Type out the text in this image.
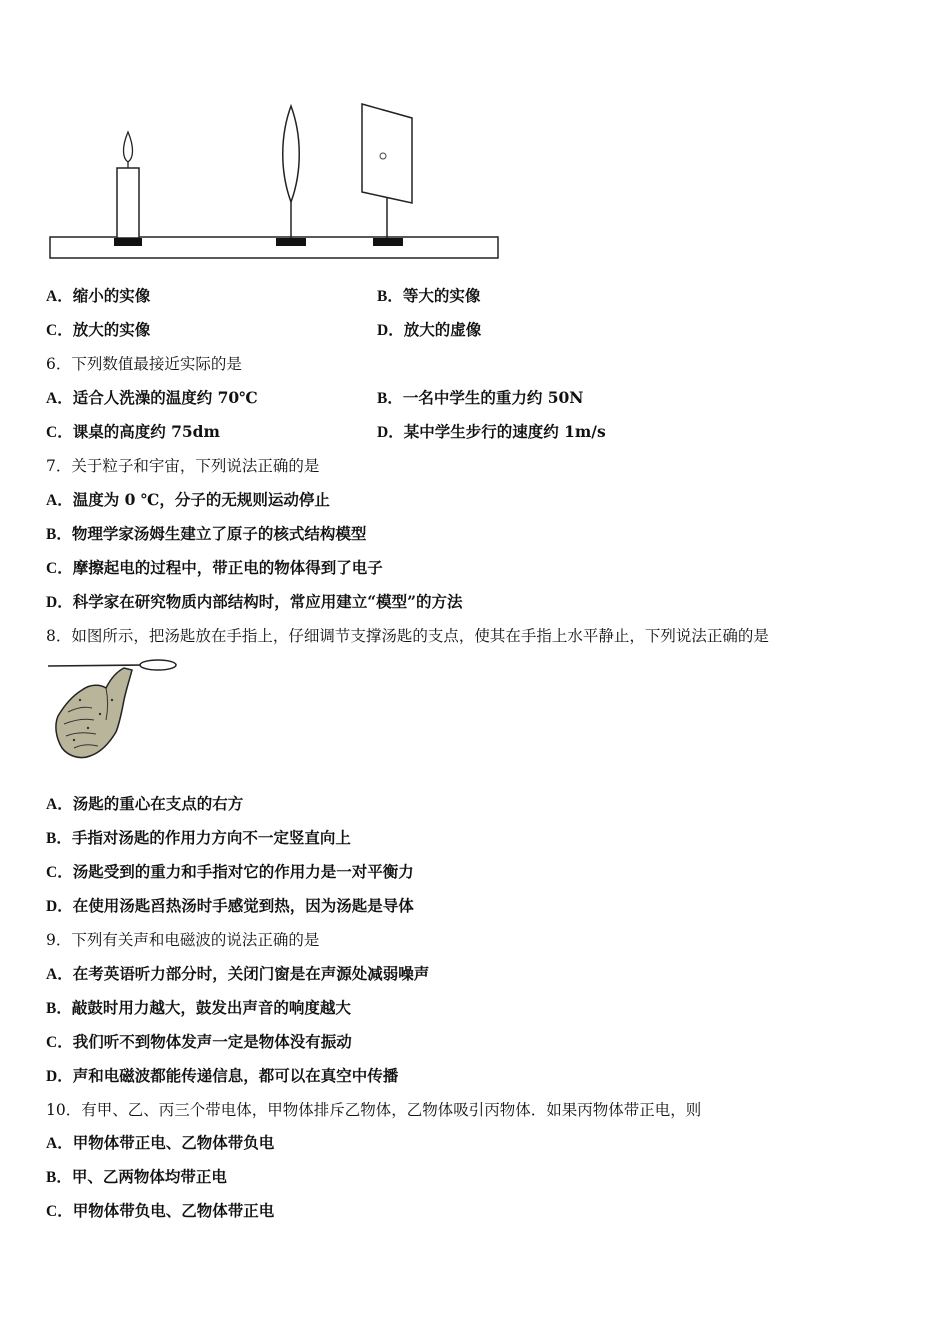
A．缩小的实像	B．等大的实像
C．放大的实像	D．放大的虚像
6．下列数值最接近实际的是
A．适合人洗澡的温度约 70℃	B．一名中学生的重力约 50N
C．课桌的高度约 75dm	D．某中学生步行的速度约 1m/s
7．关于粒子和宇宙，下列说法正确的是
A．温度为 0 ℃，分子的无规则运动停止
B．物理学家汤姆生建立了原子的核式结构模型
C．摩擦起电的过程中，带正电的物体得到了电子
D．科学家在研究物质内部结构时，常应用建立“模型”的方法
8．如图所示，把汤匙放在手指上，仔细调节支撑汤匙的支点，使其在手指上水平静止，下列说法正确的是
A．汤匙的重心在支点的右方
B．手指对汤匙的作用力方向不一定竖直向上
C．汤匙受到的重力和手指对它的作用力是一对平衡力
D．在使用汤匙舀热汤时手感觉到热，因为汤匙是导体
9．下列有关声和电磁波的说法正确的是
A．在考英语听力部分时，关闭门窗是在声源处减弱噪声
B．敲鼓时用力越大，鼓发出声音的响度越大
C．我们听不到物体发声一定是物体没有振动
D．声和电磁波都能传递信息，都可以在真空中传播
10．有甲、乙、丙三个带电体，甲物体排斥乙物体，乙物体吸引丙物体．如果丙物体带正电，则
A．甲物体带正电、乙物体带负电
B．甲、乙两物体均带正电
C．甲物体带负电、乙物体带正电
